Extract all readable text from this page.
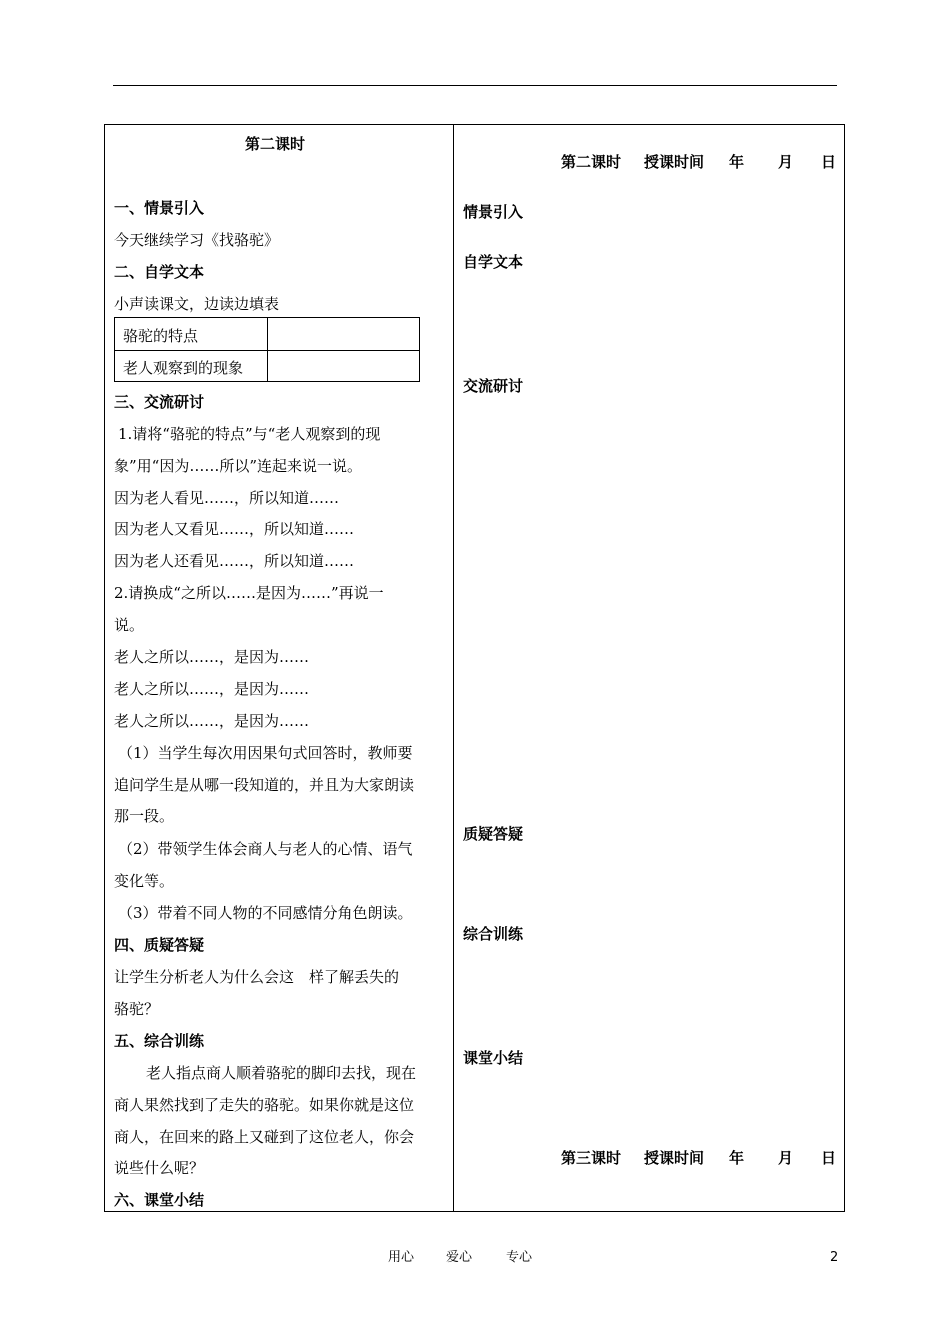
第二课时
一、情景引入
今天继续学习《找骆驼》
二、自学文本
小声读课文，边读边填表
骆驼的特点
老人观察到的现象
三、交流研讨
1.请将“骆驼的特点”与“老人观察到的现
象”用“因为……所以”连起来说一说。
因为老人看见……，所以知道……
因为老人又看见……，所以知道……
因为老人还看见……，所以知道……
2.请换成“之所以……是因为……”再说一
说。
老人之所以……，是因为……
老人之所以……，是因为……
老人之所以……，是因为……
（1）当学生每次用因果句式回答时，教师要
追问学生是从哪一段知道的，并且为大家朗读
那一段。
（2）带领学生体会商人与老人的心情、语气
变化等。
（3）带着不同人物的不同感情分角色朗读。
四、质疑答疑
让学生分析老人为什么会这　样了解丢失的
骆驼？
五、综合训练
老人指点商人顺着骆驼的脚印去找，现在
商人果然找到了走失的骆驼。如果你就是这位
商人，在回来的路上又碰到了这位老人，你会
说些什么呢？
六、课堂小结
第二课时 授课时间 年 月 日
情景引入
自学文本
交流研讨
质疑答疑
综合训练
课堂小结
第三课时 授课时间 年 月 日
用心 爱心	专心	2
